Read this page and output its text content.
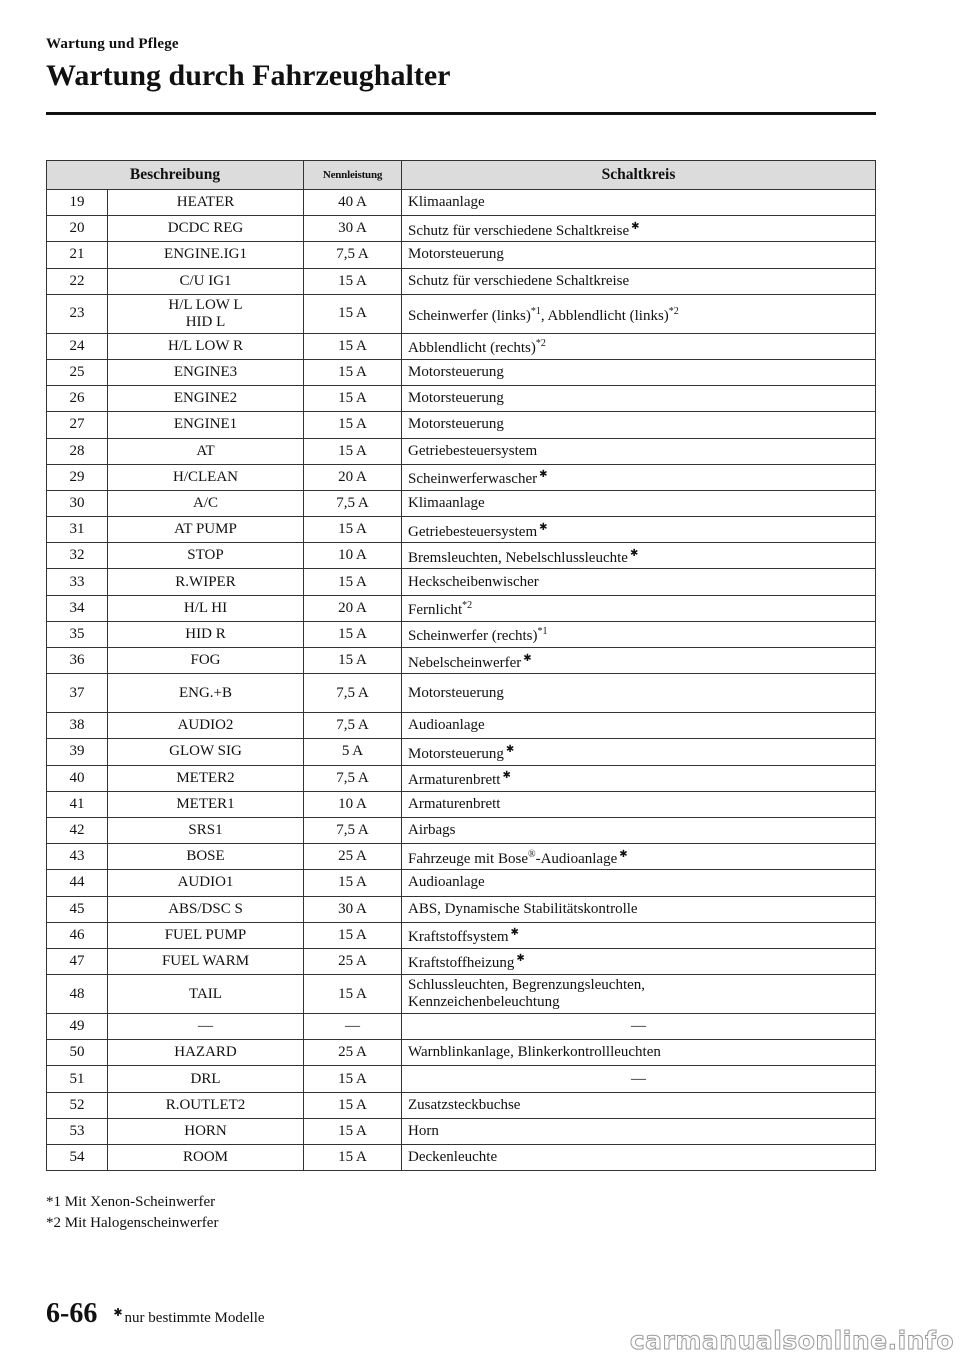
Wartung und Pflege
Wartung durch Fahrzeughalter
Beschreibung		Nennleistung	Schaltkreis
19	HEATER	40 A	Klimaanlage
20	DCDC REG	30 A	Schutz für verschiedene Schaltkreise ✱
21	ENGINE.IG1	7,5 A	Motorsteuerung
22	C/U IG1	15 A	Schutz für verschiedene Schaltkreise
23	H/L LOW L
HID L	15 A	Scheinwerfer (links)$^{*1}$, Abblendlicht (links)$^{*2}$
24	H/L LOW R	15 A	Abblendlicht (rechts)$^{*2}$
25	ENGINE3	15 A	Motorsteuerung
26	ENGINE2	15 A	Motorsteuerung
27	ENGINE1	15 A	Motorsteuerung
28	AT	15 A	Getriebesteuersystem
29	H/CLEAN	20 A	Scheinwerferwascher ✱
30	A/C	7,5 A	Klimaanlage
31	AT PUMP	15 A	Getriebesteuersystem ✱
32	STOP	10 A	Bremsleuchten, Nebelschlussleuchte ✱
33	R.WIPER	15 A	Heckscheibenwischer
34	H/L HI	20 A	Fernlicht$^{*2}$
35	HID R	15 A	Scheinwerfer (rechts)$^{*1}$
36	FOG	15 A	Nebelscheinwerfer ✱
37	ENG.+B	7,5 A	Motorsteuerung
38	AUDIO2	7,5 A	Audioanlage
39	GLOW SIG	5 A	Motorsteuerung ✱
40	METER2	7,5 A	Armaturenbrett ✱
41	METER1	10 A	Armaturenbrett
42	SRS1	7,5 A	Airbags
43	BOSE	25 A	Fahrzeuge mit Bose®-Audioanlage ✱
44	AUDIO1	15 A	Audioanlage
45	ABS/DSC S	30 A	ABS, Dynamische Stabilitätskontrolle
46	FUEL PUMP	15 A	Kraftstoffsystem ✱
47	FUEL WARM	25 A	Kraftstoffheizung ✱
48	TAIL	15 A	Schlussleuchten, Begrenzungsleuchten,
Kennzeichenbeleuchtung
49	—	—	—
50	HAZARD	25 A	Warnblinkanlage, Blinkerkontrollleuchten
51	DRL	15 A	—
52	R.OUTLET2	15 A	Zusatzsteckbuchse
53	HORN	15 A	Horn
54	ROOM	15 A	Deckenleuchte
*1 Mit Xenon-Scheinwerfer
*2 Mit Halogenscheinwerfer
6-66 ✱ nur bestimmte Modelle
carmanualsonline.info
